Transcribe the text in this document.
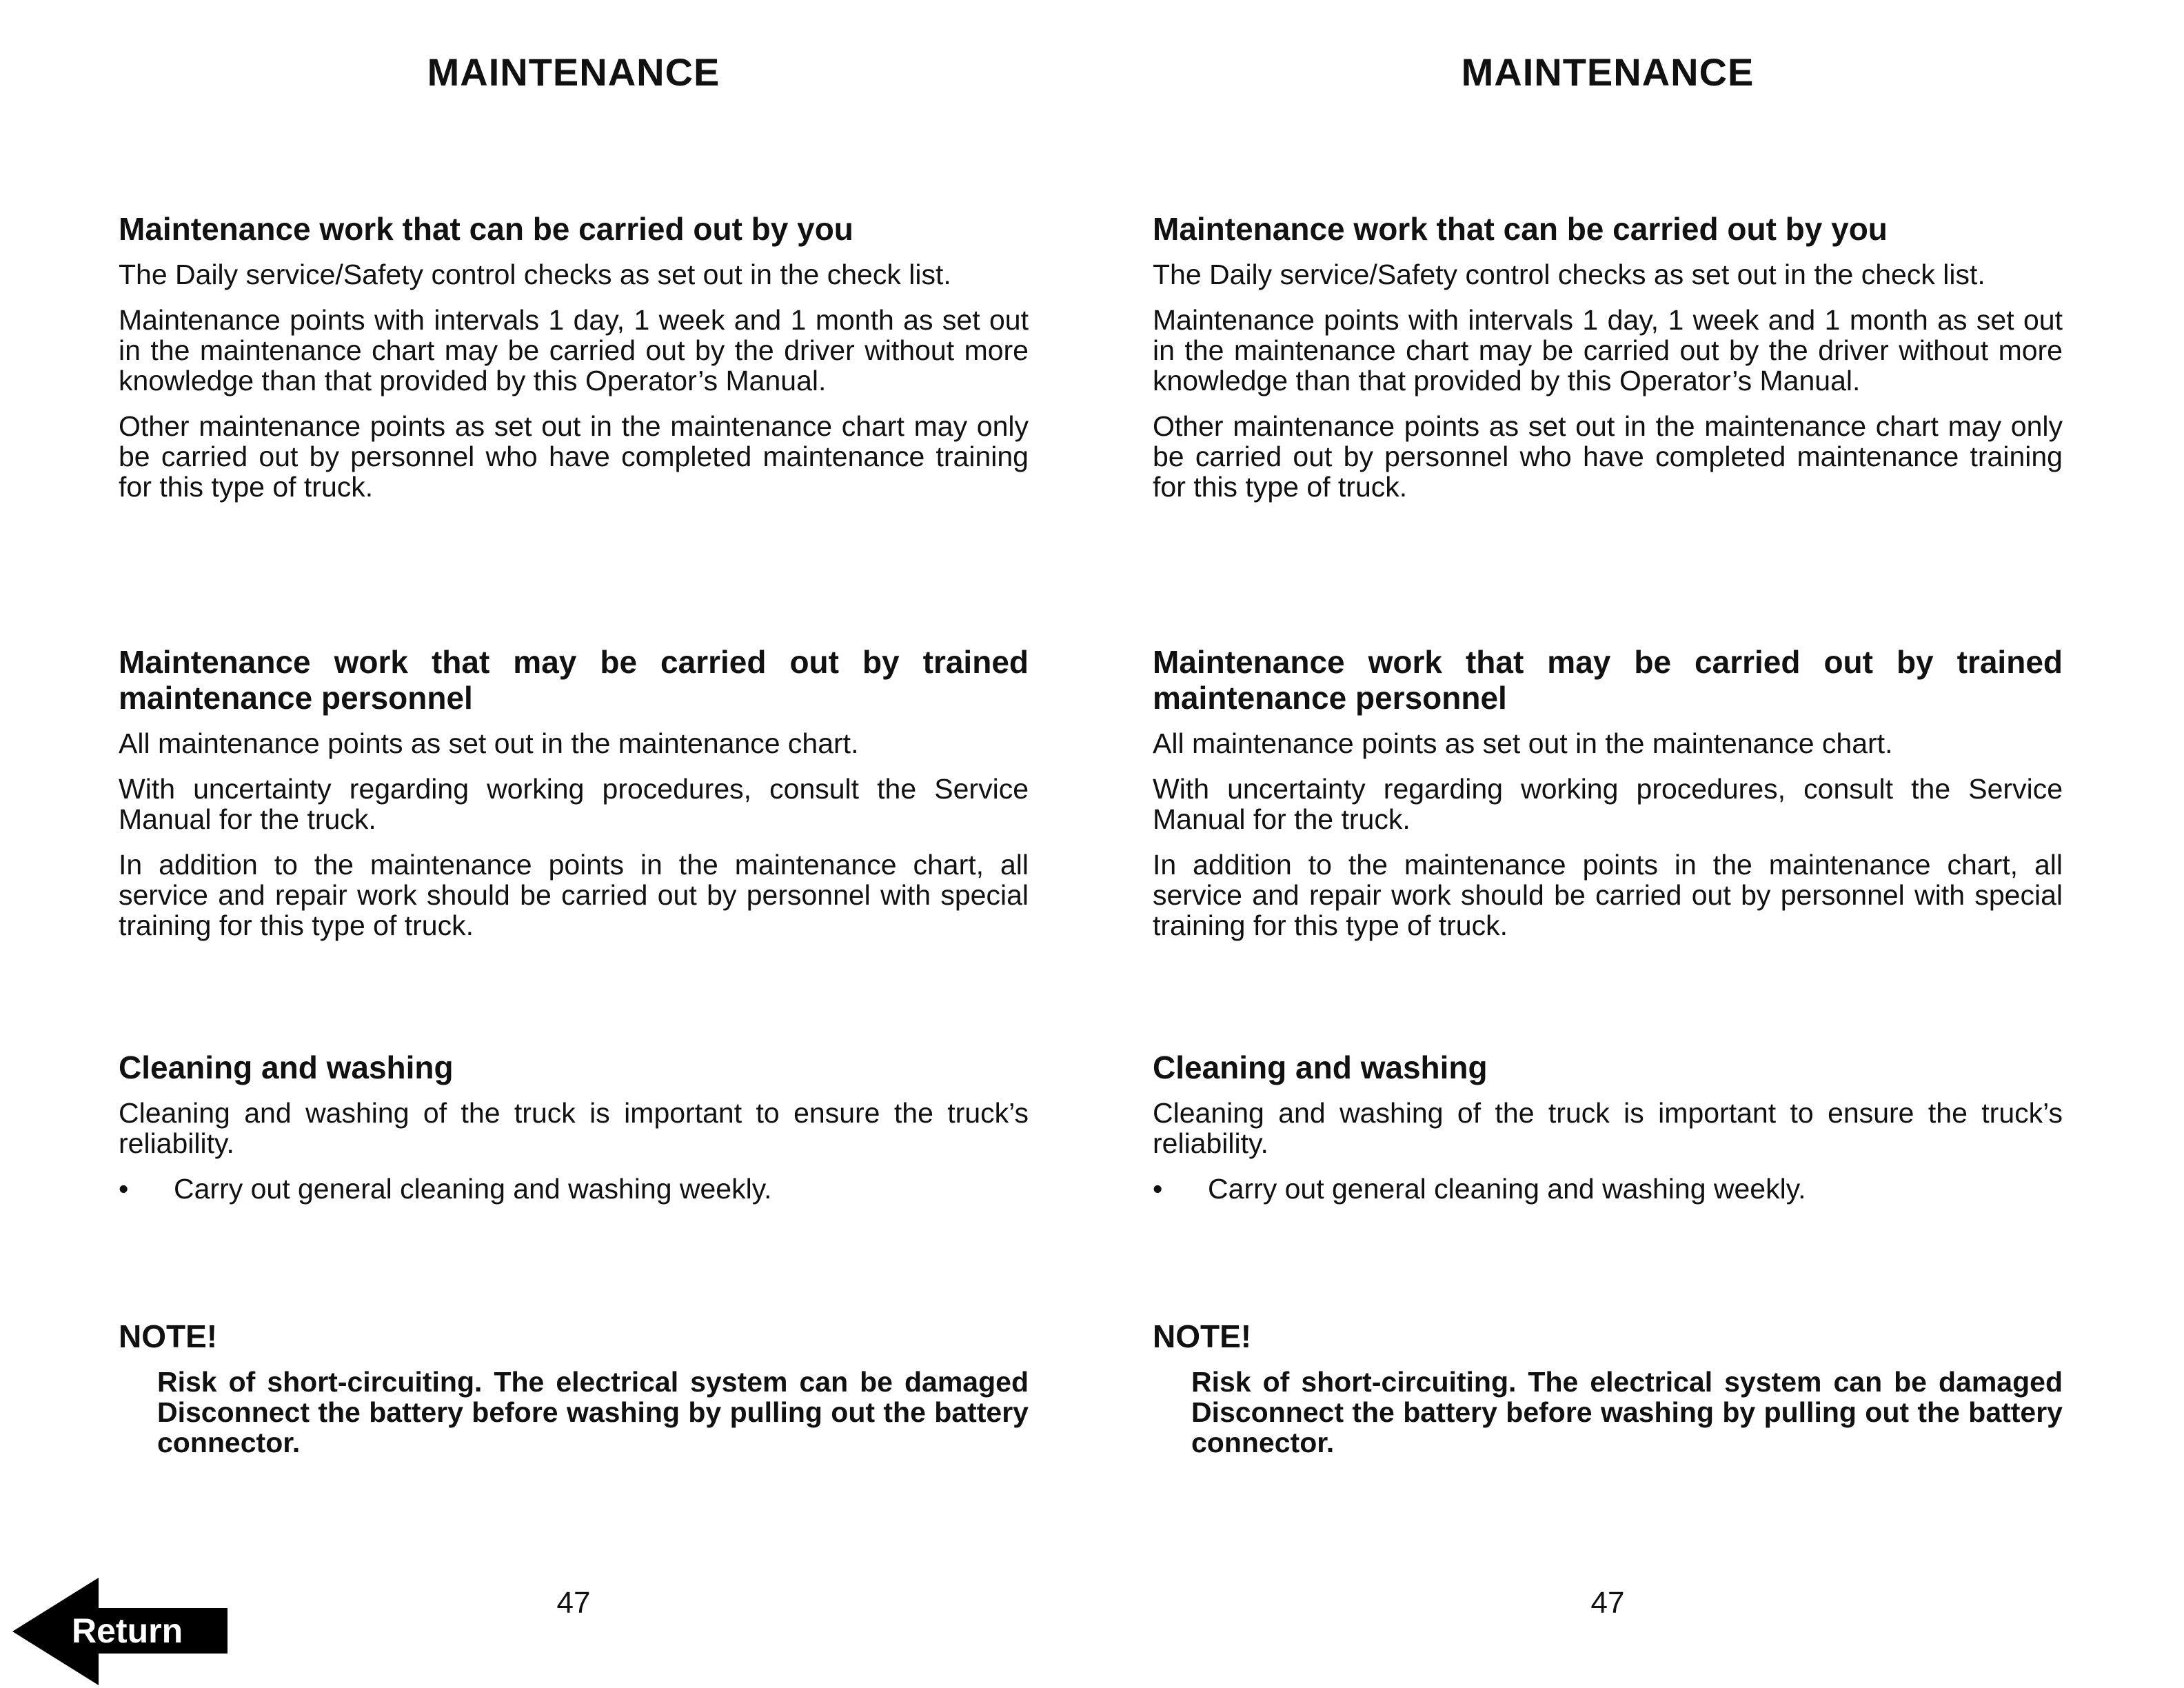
MAINTENANCE
Maintenance work that can be carried out by you

The Daily service/Safety control checks as set out in the check list.

Maintenance points with intervals 1 day, 1 week and 1 month as set out in the maintenance chart may be carried out by the driver without more knowledge than that provided by this Operator’s Manual.

Other maintenance points as set out in the maintenance chart may only be carried out by personnel who have completed maintenance training for this type of truck.

Maintenance work that may be carried out by trained maintenance personnel

All maintenance points as set out in the maintenance chart.

With uncertainty regarding working procedures, consult the Service Manual for the truck.

In addition to the maintenance points in the maintenance chart, all service and repair work should be carried out by personnel with special training for this type of truck.

Cleaning and washing

Cleaning and washing of the truck is important to ensure the truck’s reliability.

•	Carry out general cleaning and washing weekly.
NOTE!

Risk of short-circuiting. The electrical system can be damaged Disconnect the battery before washing by pulling out the battery connector.

47
MAINTENANCE
Maintenance work that can be carried out by you

The Daily service/Safety control checks as set out in the check list.

Maintenance points with intervals 1 day, 1 week and 1 month as set out in the maintenance chart may be carried out by the driver without more knowledge than that provided by this Operator’s Manual.

Other maintenance points as set out in the maintenance chart may only be carried out by personnel who have completed maintenance training for this type of truck.

Maintenance work that may be carried out by trained maintenance personnel

All maintenance points as set out in the maintenance chart.

With uncertainty regarding working procedures, consult the Service Manual for the truck.

In addition to the maintenance points in the maintenance chart, all service and repair work should be carried out by personnel with special training for this type of truck.

Cleaning and washing

Cleaning and washing of the truck is important to ensure the truck’s reliability.

•	Carry out general cleaning and washing weekly.
NOTE!

Risk of short-circuiting. The electrical system can be damaged Disconnect the battery before washing by pulling out the battery connector.

47
Return
